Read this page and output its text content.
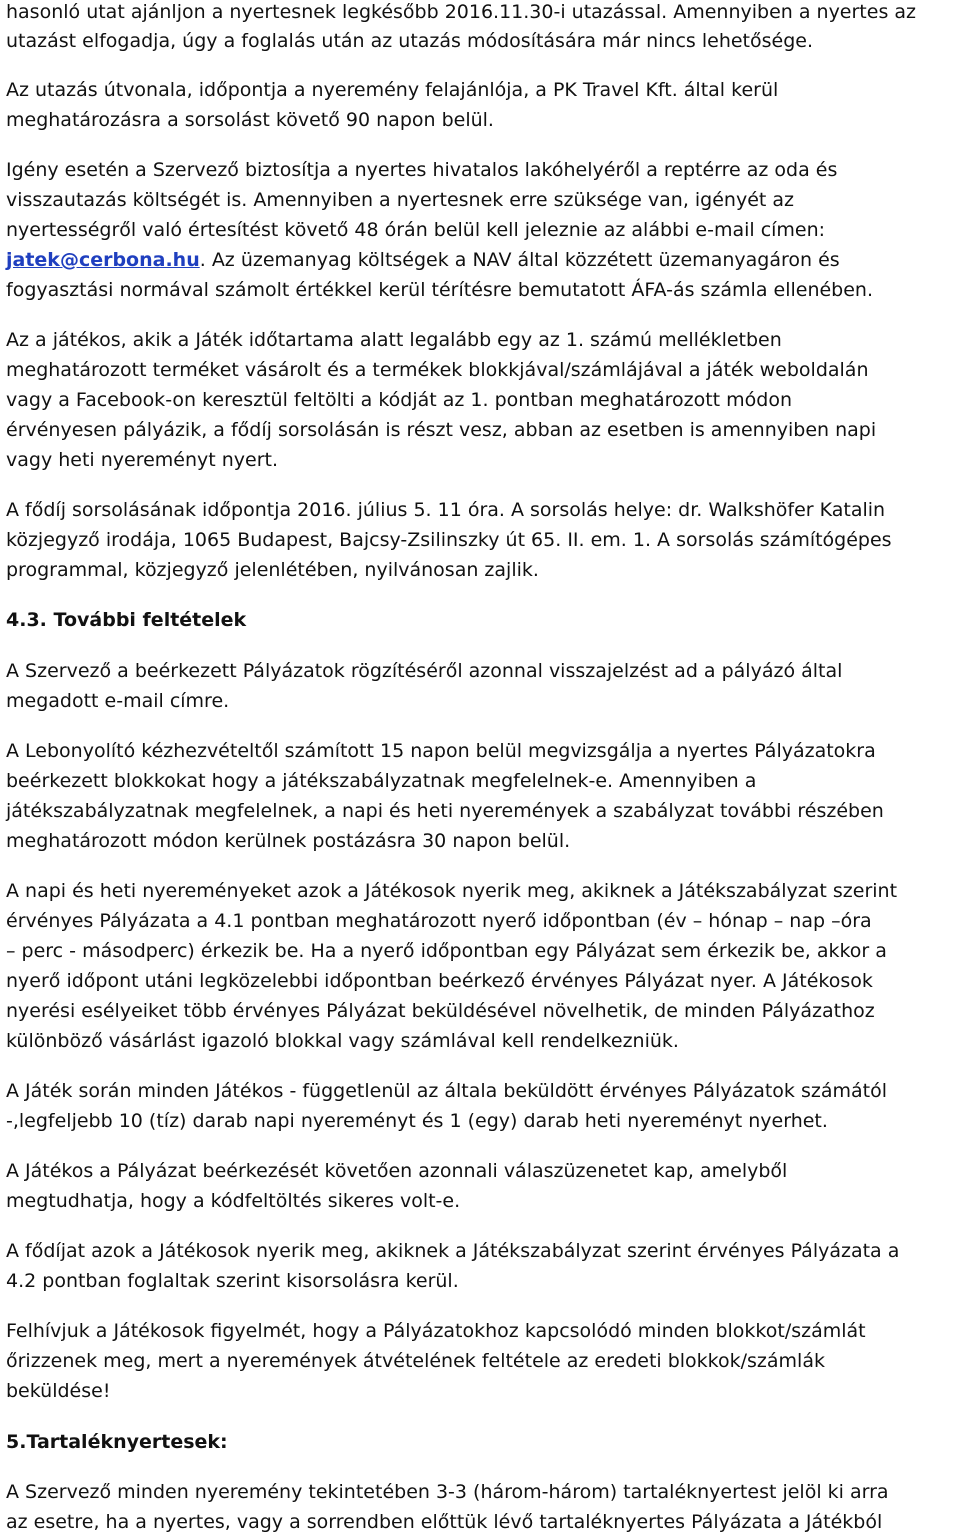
hasonló utat ajánljon a nyertesnek legkésőbb 2016.11.30-i utazással. Amennyiben a nyertes az
utazást elfogadja, úgy a foglalás után az utazás módosítására már nincs lehetősége.
Az utazás útvonala, időpontja a nyeremény felajánlója, a PK Travel Kft. által kerül
meghatározásra a sorsolást követő 90 napon belül.
Igény esetén a Szervező biztosítja a nyertes hivatalos lakóhelyéről a reptérre az oda és
visszautazás költségét is. Amennyiben a nyertesnek erre szüksége van, igényét az
nyertességről való értesítést követő 48 órán belül kell jeleznie az alábbi e-mail címen:
jatek@cerbona.hu. Az üzemanyag költségek a NAV által közzétett üzemanyagáron és
fogyasztási normával számolt értékkel kerül térítésre bemutatott ÁFA-ás számla ellenében.
Az a játékos, akik a Játék időtartama alatt legalább egy az 1. számú mellékletben
meghatározott terméket vásárolt és a termékek blokkjával/számlájával a játék weboldalán
vagy a Facebook-on keresztül feltölti a kódját az 1. pontban meghatározott módon
érvényesen pályázik, a fődíj sorsolásán is részt vesz, abban az esetben is amennyiben napi
vagy heti nyereményt nyert.
A fődíj sorsolásának időpontja 2016. július 5. 11 óra. A sorsolás helye: dr. Walkshöfer Katalin
közjegyző irodája, 1065 Budapest, Bajcsy-Zsilinszky út 65. II. em. 1. A sorsolás számítógépes
programmal, közjegyző jelenlétében, nyilvánosan zajlik.
4.3. További feltételek
A Szervező a beérkezett Pályázatok rögzítéséről azonnal visszajelzést ad a pályázó által
megadott e-mail címre.
A Lebonyolító kézhezvételtől számított 15 napon belül megvizsgálja a nyertes Pályázatokra
beérkezett blokkokat hogy a játékszabályzatnak megfelelnek-e. Amennyiben a
játékszabályzatnak megfelelnek, a napi és heti nyeremények a szabályzat további részében
meghatározott módon kerülnek postázásra 30 napon belül.
A napi és heti nyereményeket azok a Játékosok nyerik meg, akiknek a Játékszabályzat szerint
érvényes Pályázata a 4.1 pontban meghatározott nyerő időpontban (év – hónap – nap –óra
– perc - másodperc) érkezik be. Ha a nyerő időpontban egy Pályázat sem érkezik be, akkor a
nyerő időpont utáni legközelebbi időpontban beérkező érvényes Pályázat nyer. A Játékosok
nyerési esélyeiket több érvényes Pályázat beküldésével növelhetik, de minden Pályázathoz
különböző vásárlást igazoló blokkal vagy számlával kell rendelkezniük.
A Játék során minden Játékos - függetlenül az általa beküldött érvényes Pályázatok számától
-,legfeljebb 10 (tíz) darab napi nyereményt és 1 (egy) darab heti nyereményt nyerhet.
A Játékos a Pályázat beérkezését követően azonnali válaszüzenetet kap, amelyből
megtudhatja, hogy a kódfeltöltés sikeres volt-e.
A fődíjat azok a Játékosok nyerik meg, akiknek a Játékszabályzat szerint érvényes Pályázata a
4.2 pontban foglaltak szerint kisorsolásra kerül.
Felhívjuk a Játékosok figyelmét, hogy a Pályázatokhoz kapcsolódó minden blokkot/számlát
őrizzenek meg, mert a nyeremények átvételének feltétele az eredeti blokkok/számlák
beküldése!
5.Tartaléknyertesek:
A Szervező minden nyeremény tekintetében 3-3 (három-három) tartaléknyertest jelöl ki arra
az esetre, ha a nyertes, vagy a sorrendben előttük lévő tartaléknyertes Pályázata a Játékból
